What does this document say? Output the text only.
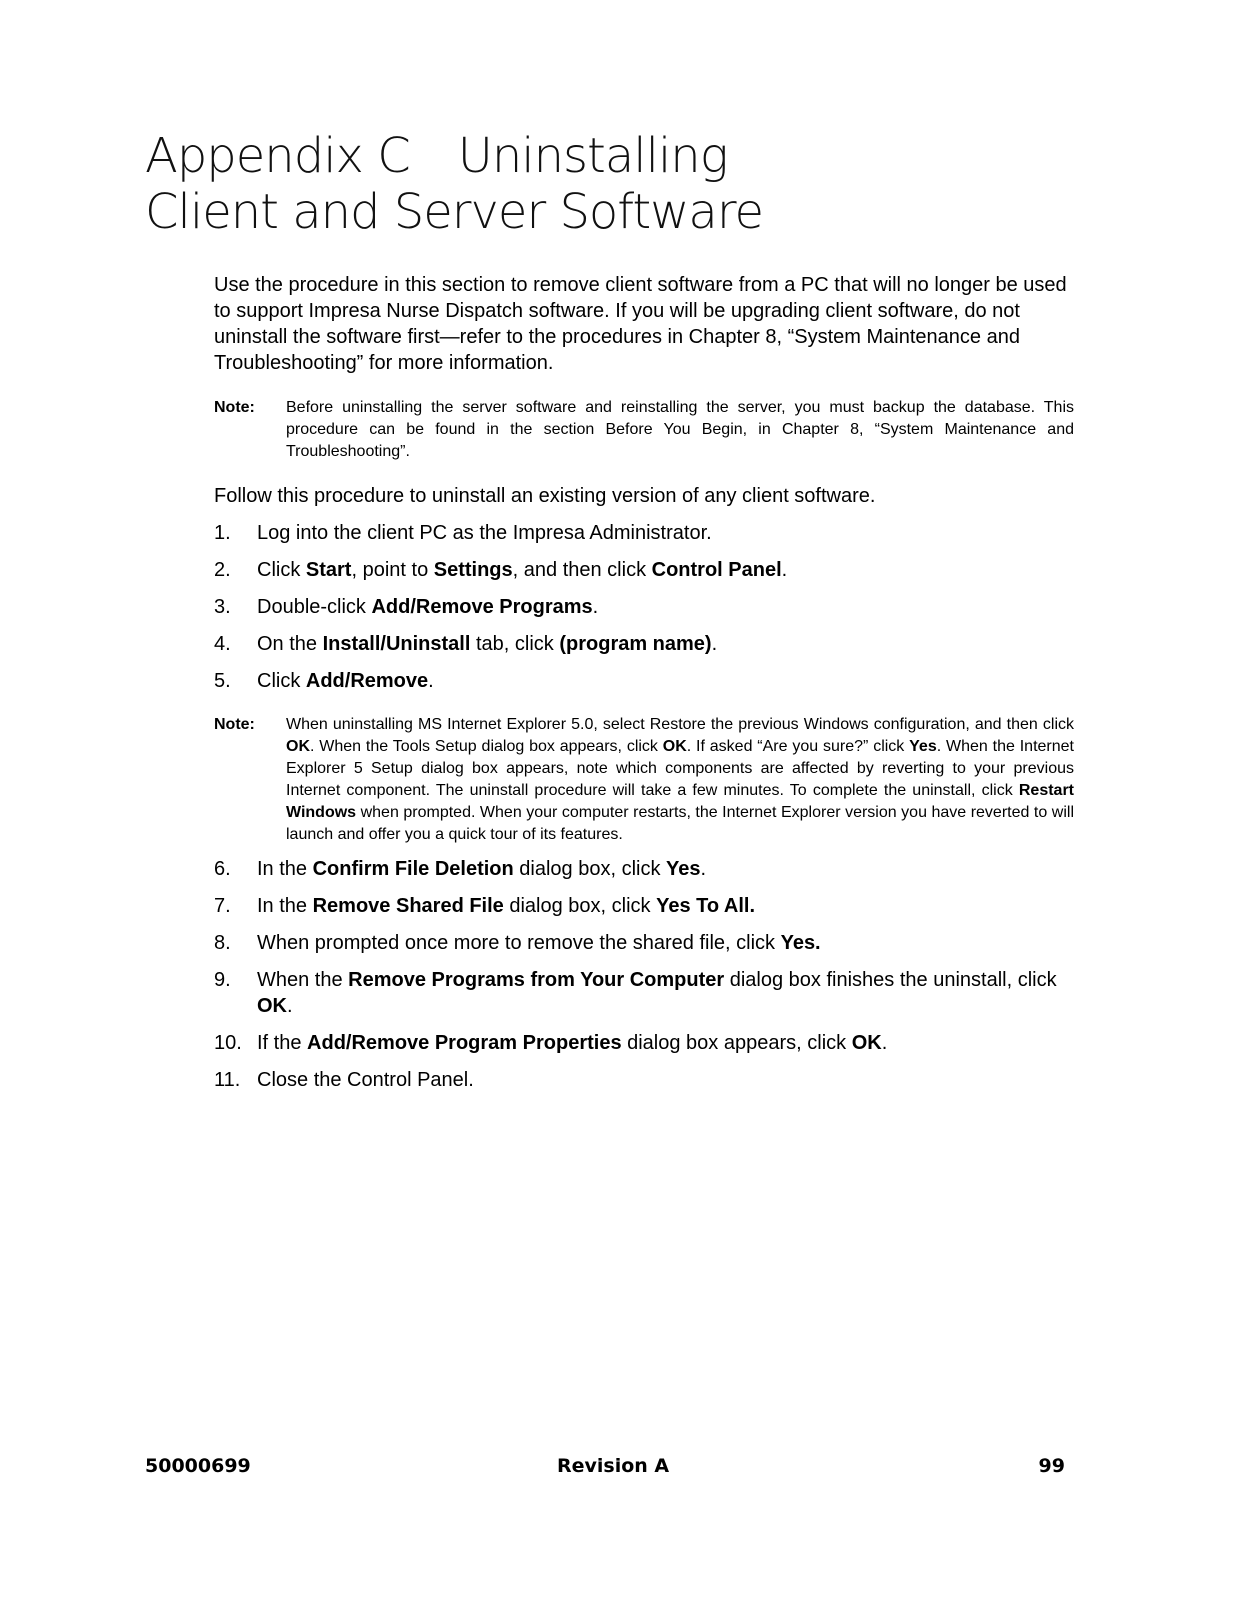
Appendix C Uninstalling
Client and Server Software

Use the procedure in this section to remove client software from a PC that will no longer be used to support Impresa Nurse Dispatch software. If you will be upgrading client software, do not uninstall the software first—refer to the procedures in Chapter 8, “System Maintenance and Troubleshooting” for more information.

Note:	Before uninstalling the server software and reinstalling the server, you must backup the database. This procedure can be found in the section Before You Begin, in Chapter 8, “System Maintenance and Troubleshooting”.

Follow this procedure to uninstall an existing version of any client software.

1.	Log into the client PC as the Impresa Administrator.
2.	Click Start, point to Settings, and then click Control Panel.
3.	Double-click Add/Remove Programs.
4.	On the Install/Uninstall tab, click (program name).
5.	Click Add/Remove.
Note:	When uninstalling MS Internet Explorer 5.0, select Restore the previous Windows configuration, and then click OK. When the Tools Setup dialog box appears, click OK. If asked “Are you sure?” click Yes. When the Internet Explorer 5 Setup dialog box appears, note which components are affected by reverting to your previous Internet component. The uninstall procedure will take a few minutes. To complete the uninstall, click Restart Windows when prompted. When your computer restarts, the Internet Explorer version you have reverted to will launch and offer you a quick tour of its features.
6.	In the Confirm File Deletion dialog box, click Yes.
7.	In the Remove Shared File dialog box, click Yes To All.
8.	When prompted once more to remove the shared file, click Yes.
9.	When the Remove Programs from Your Computer dialog box finishes the uninstall, click OK.
10. If the Add/Remove Program Properties dialog box appears, click OK.
11. Close the Control Panel.
50000699	Revision A	99
